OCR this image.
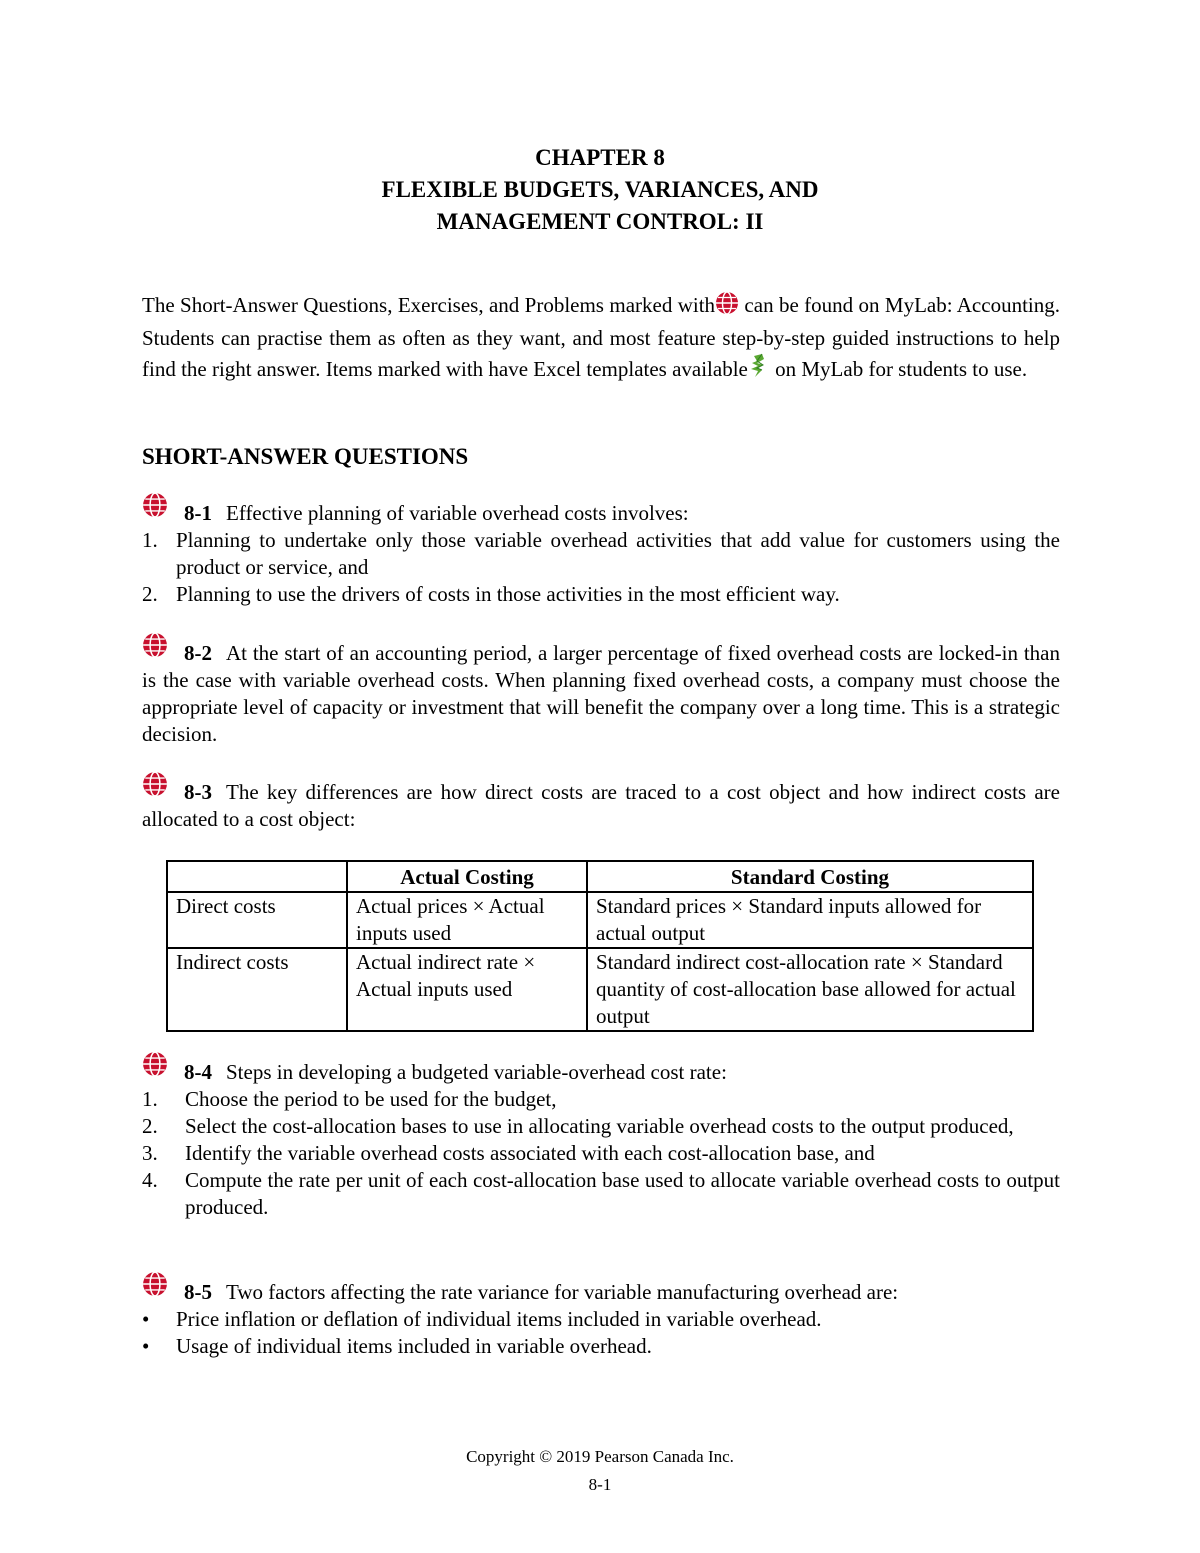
CHAPTER 8
FLEXIBLE BUDGETS, VARIANCES, AND
MANAGEMENT CONTROL: II
The Short-Answer Questions, Exercises, and Problems marked with can be found on MyLab: Accounting. Students can practise them as often as they want, and most feature step-by-step guided instructions to help find the right answer. Items marked with have Excel templates available on MyLab for students to use.
SHORT-ANSWER QUESTIONS

8-1 Effective planning of variable overhead costs involves:

1. Planning to undertake only those variable overhead activities that add value for customers using the product or service, and
2. Planning to use the drivers of costs in those activities in the most efficient way.

8-2 At the start of an accounting period, a larger percentage of fixed overhead costs are locked-in than is the case with variable overhead costs. When planning fixed overhead costs, a company must choose the appropriate level of capacity or investment that will benefit the company over a long time. This is a strategic decision.

8-3 The key differences are how direct costs are traced to a cost object and how indirect costs are allocated to a cost object:

	Actual Costing	Standard Costing
Direct costs	Actual prices × Actual inputs used	Standard prices × Standard inputs allowed for actual output
Indirect costs	Actual indirect rate × Actual inputs used	Standard indirect cost-allocation rate × Standard quantity of cost-allocation base allowed for actual output

8-4 Steps in developing a budgeted variable-overhead cost rate:

1. Choose the period to be used for the budget,
2. Select the cost-allocation bases to use in allocating variable overhead costs to the output produced,
3. Identify the variable overhead costs associated with each cost-allocation base, and
4. Compute the rate per unit of each cost-allocation base used to allocate variable overhead costs to output produced.

8-5 Two factors affecting the rate variance for variable manufacturing overhead are:

• Price inflation or deflation of individual items included in variable overhead.
• Usage of individual items included in variable overhead.
Copyright © 2019 Pearson Canada Inc.
8-1
